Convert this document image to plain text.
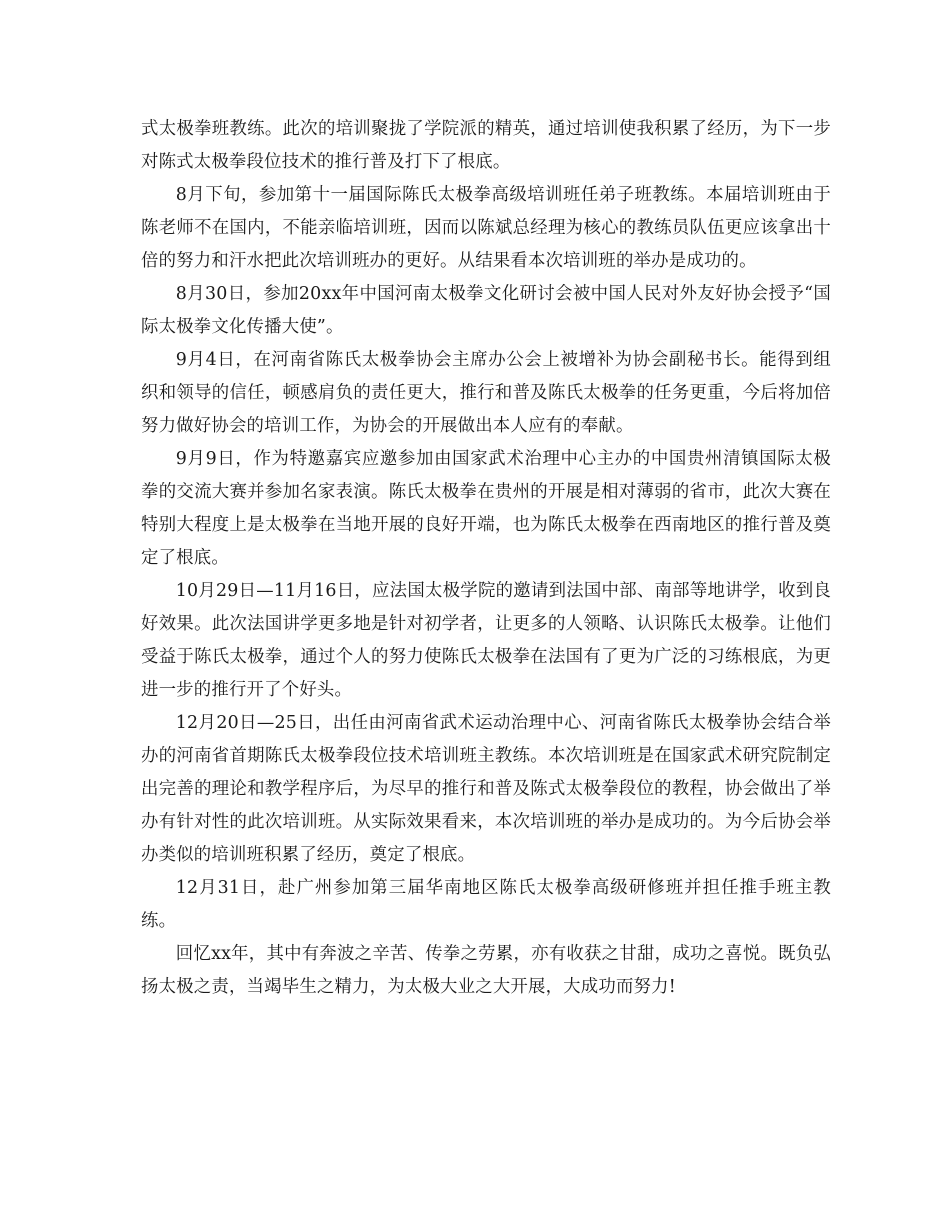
式太极拳班教练。此次的培训聚拢了学院派的精英，通过培训使我积累了经历，为下一步对陈式太极拳段位技术的推行普及打下了根底。

8月下旬，参加第十一届国际陈氏太极拳高级培训班任弟子班教练。本届培训班由于陈老师不在国内，不能亲临培训班，因而以陈斌总经理为核心的教练员队伍更应该拿出十倍的努力和汗水把此次培训班办的更好。从结果看本次培训班的举办是成功的。

8月30日，参加20xx年中国河南太极拳文化研讨会被中国人民对外友好协会授予“国际太极拳文化传播大使”。

9月4日，在河南省陈氏太极拳协会主席办公会上被增补为协会副秘书长。能得到组织和领导的信任，顿感肩负的责任更大，推行和普及陈氏太极拳的任务更重，今后将加倍努力做好协会的培训工作，为协会的开展做出本人应有的奉献。

9月9日，作为特邀嘉宾应邀参加由国家武术治理中心主办的中国贵州清镇国际太极拳的交流大赛并参加名家表演。陈氏太极拳在贵州的开展是相对薄弱的省市，此次大赛在特别大程度上是太极拳在当地开展的良好开端，也为陈氏太极拳在西南地区的推行普及奠定了根底。

10月29日—11月16日，应法国太极学院的邀请到法国中部、南部等地讲学，收到良好效果。此次法国讲学更多地是针对初学者，让更多的人领略、认识陈氏太极拳。让他们受益于陈氏太极拳，通过个人的努力使陈氏太极拳在法国有了更为广泛的习练根底，为更进一步的推行开了个好头。

12月20日—25日，出任由河南省武术运动治理中心、河南省陈氏太极拳协会结合举办的河南省首期陈氏太极拳段位技术培训班主教练。本次培训班是在国家武术研究院制定出完善的理论和教学程序后，为尽早的推行和普及陈式太极拳段位的教程，协会做出了举办有针对性的此次培训班。从实际效果看来，本次培训班的举办是成功的。为今后协会举办类似的培训班积累了经历，奠定了根底。

12月31日，赴广州参加第三届华南地区陈氏太极拳高级研修班并担任推手班主教练。

回忆xx年，其中有奔波之辛苦、传拳之劳累，亦有收获之甘甜，成功之喜悦。既负弘扬太极之责，当竭毕生之精力，为太极大业之大开展，大成功而努力!
